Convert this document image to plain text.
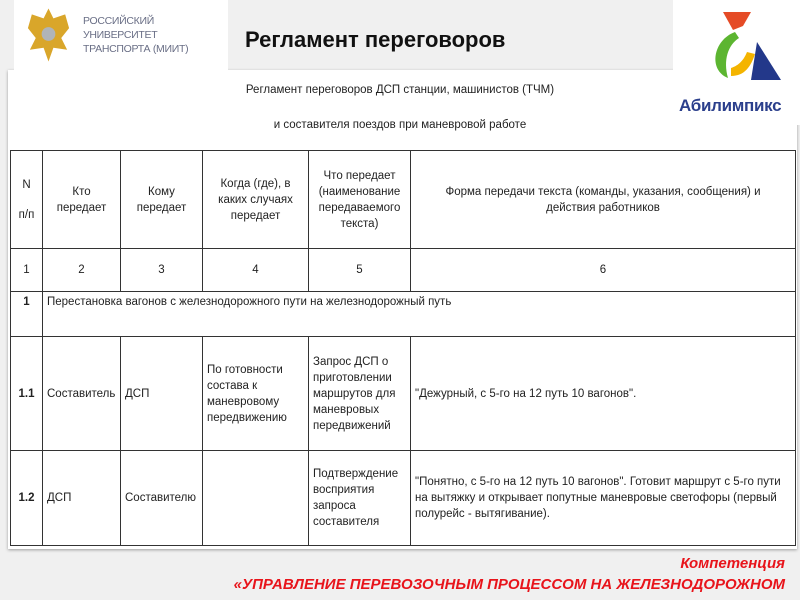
РОССИЙСКИЙ УНИВЕРСИТЕТ
ТРАНСПОРТА (МИИТ)	Регламент переговоров
Абилимпикс
Регламент переговоров ДСП станции, машинистов (ТЧМ)
и составителя поездов при маневровой работе
N
п/п	Кто передает	Кому передает	Когда (где), в каких случаях передает	Что передает (наименование передаваемого текста)	Форма передачи текста (команды, указания, сообщения) и действия работников
1	2	3	4	5	6
1	Перестановка вагонов с железнодорожного пути на железнодорожный путь				
1.1	Составитель	ДСП	По готовности состава к маневровому передвижению	Запрос ДСП о приготовлении маршрутов для маневровых передвижений	"Дежурный, с 5-го на 12 путь 10 вагонов".
1.2	ДСП	Составителю		Подтверждение восприятия запроса составителя	"Понятно, с 5-го на 12 путь 10 вагонов". Готовит маршрут с 5-го пути на вытяжку и открывает попутные маневровые светофоры (первый полурейс - вытягивание).
Компетенция
«УПРАВЛЕНИЕ ПЕРЕВОЗОЧНЫМ ПРОЦЕССОМ НА ЖЕЛЕЗНОДОРОЖНОМ
